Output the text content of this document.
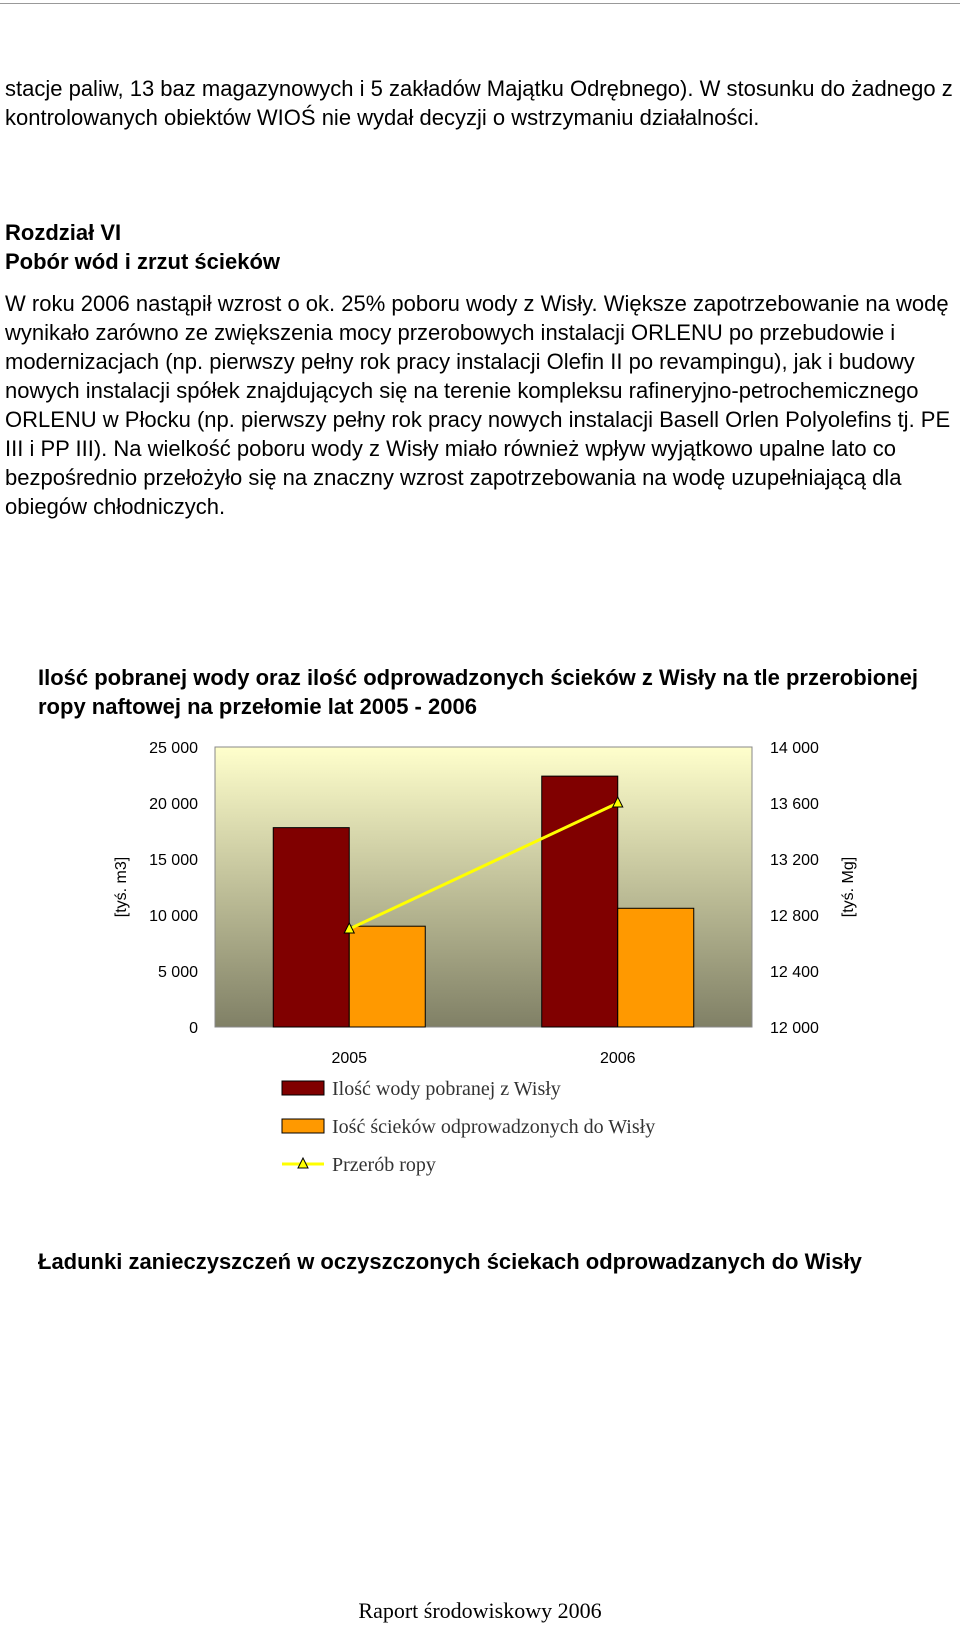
stacje paliw, 13 baz magazynowych i 5 zakładów Majątku Odrębnego). W stosunku do żadnego z kontrolowanych obiektów WIOŚ nie wydał decyzji o wstrzymaniu działalności.

Rozdział VI

Pobór wód i zrzut ścieków

W roku 2006 nastąpił wzrost o ok. 25% poboru wody z Wisły. Większe zapotrzebowanie na wodę wynikało zarówno ze zwiększenia mocy przerobowych instalacji ORLENU po przebudowie i modernizacjach (np. pierwszy pełny rok pracy instalacji Olefin II po revampingu), jak i budowy nowych instalacji spółek znajdujących się na terenie kompleksu rafineryjno-petrochemicznego ORLENU w Płocku (np. pierwszy pełny rok pracy nowych instalacji Basell Orlen Polyolefins tj. PE III i PP III). Na wielkość poboru wody z Wisły miało również wpływ wyjątkowo upalne lato co bezpośrednio przełożyło się na znaczny wzrost zapotrzebowania na wodę uzupełniającą dla obiegów chłodniczych.

Ilość pobranej wody oraz ilość odprowadzonych ścieków z Wisły na tle przerobionej ropy naftowej na przełomie lat 2005 - 2006

2005	2006
0
5 000
10 000
15 000
20 000
25 000
12 000
12 400
12 800
13 200
13 600
14 000
[tyś. m3]	[tyś. Mg]
Ilość wody pobranej z Wisły
Iość ścieków odprowadzonych do Wisły
Przerób ropy

Ładunki zanieczyszczeń w oczyszczonych ściekach odprowadzanych do Wisły

Raport środowiskowy 2006
